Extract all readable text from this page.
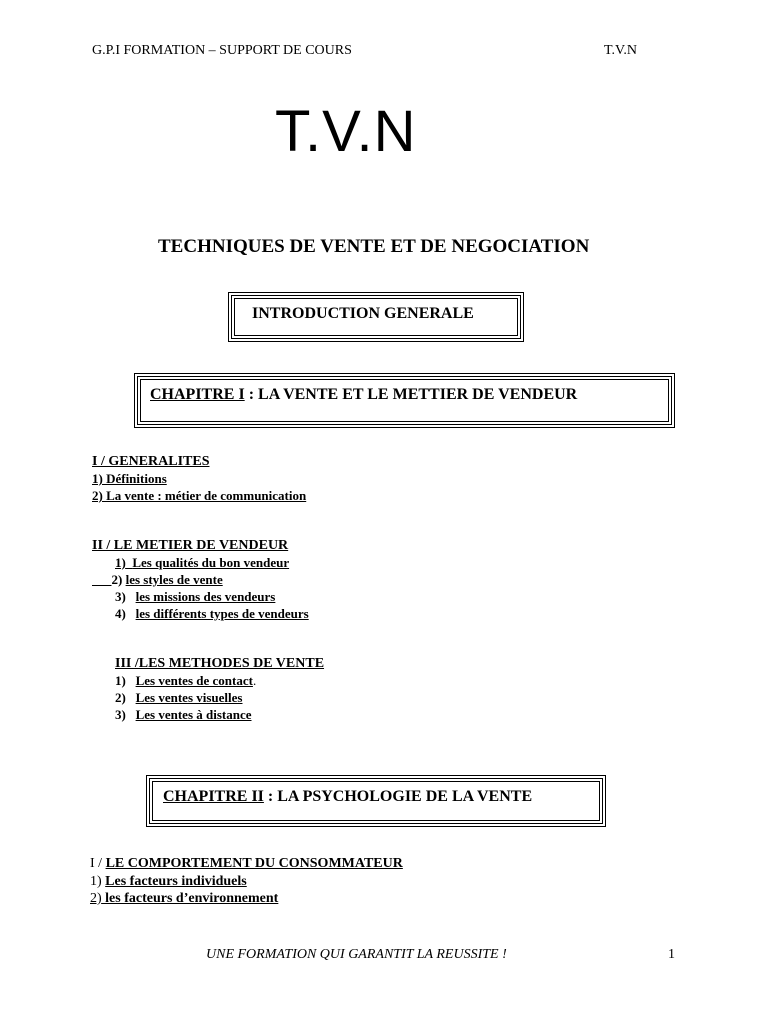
G.P.I FORMATION – SUPPORT DE COURS	T.V.N
T.V.N
TECHNIQUES DE VENTE ET DE NEGOCIATION
INTRODUCTION GENERALE
CHAPITRE I : LA VENTE ET LE METTIER DE VENDEUR
I / GENERALITES
1) Définitions
2) La vente : métier de communication
II / LE METIER DE VENDEUR
1) Les qualités du bon vendeur
2) les styles de vente
3) les missions des vendeurs
4) les différents types de vendeurs
III /LES METHODES DE VENTE
1) Les ventes de contact.
2) Les ventes visuelles
3) Les ventes à distance
CHAPITRE II : LA PSYCHOLOGIE DE LA VENTE
I / LE COMPORTEMENT DU CONSOMMATEUR
1) Les facteurs individuels
2) les facteurs d’environnement
UNE FORMATION QUI GARANTIT LA REUSSITE !	1
